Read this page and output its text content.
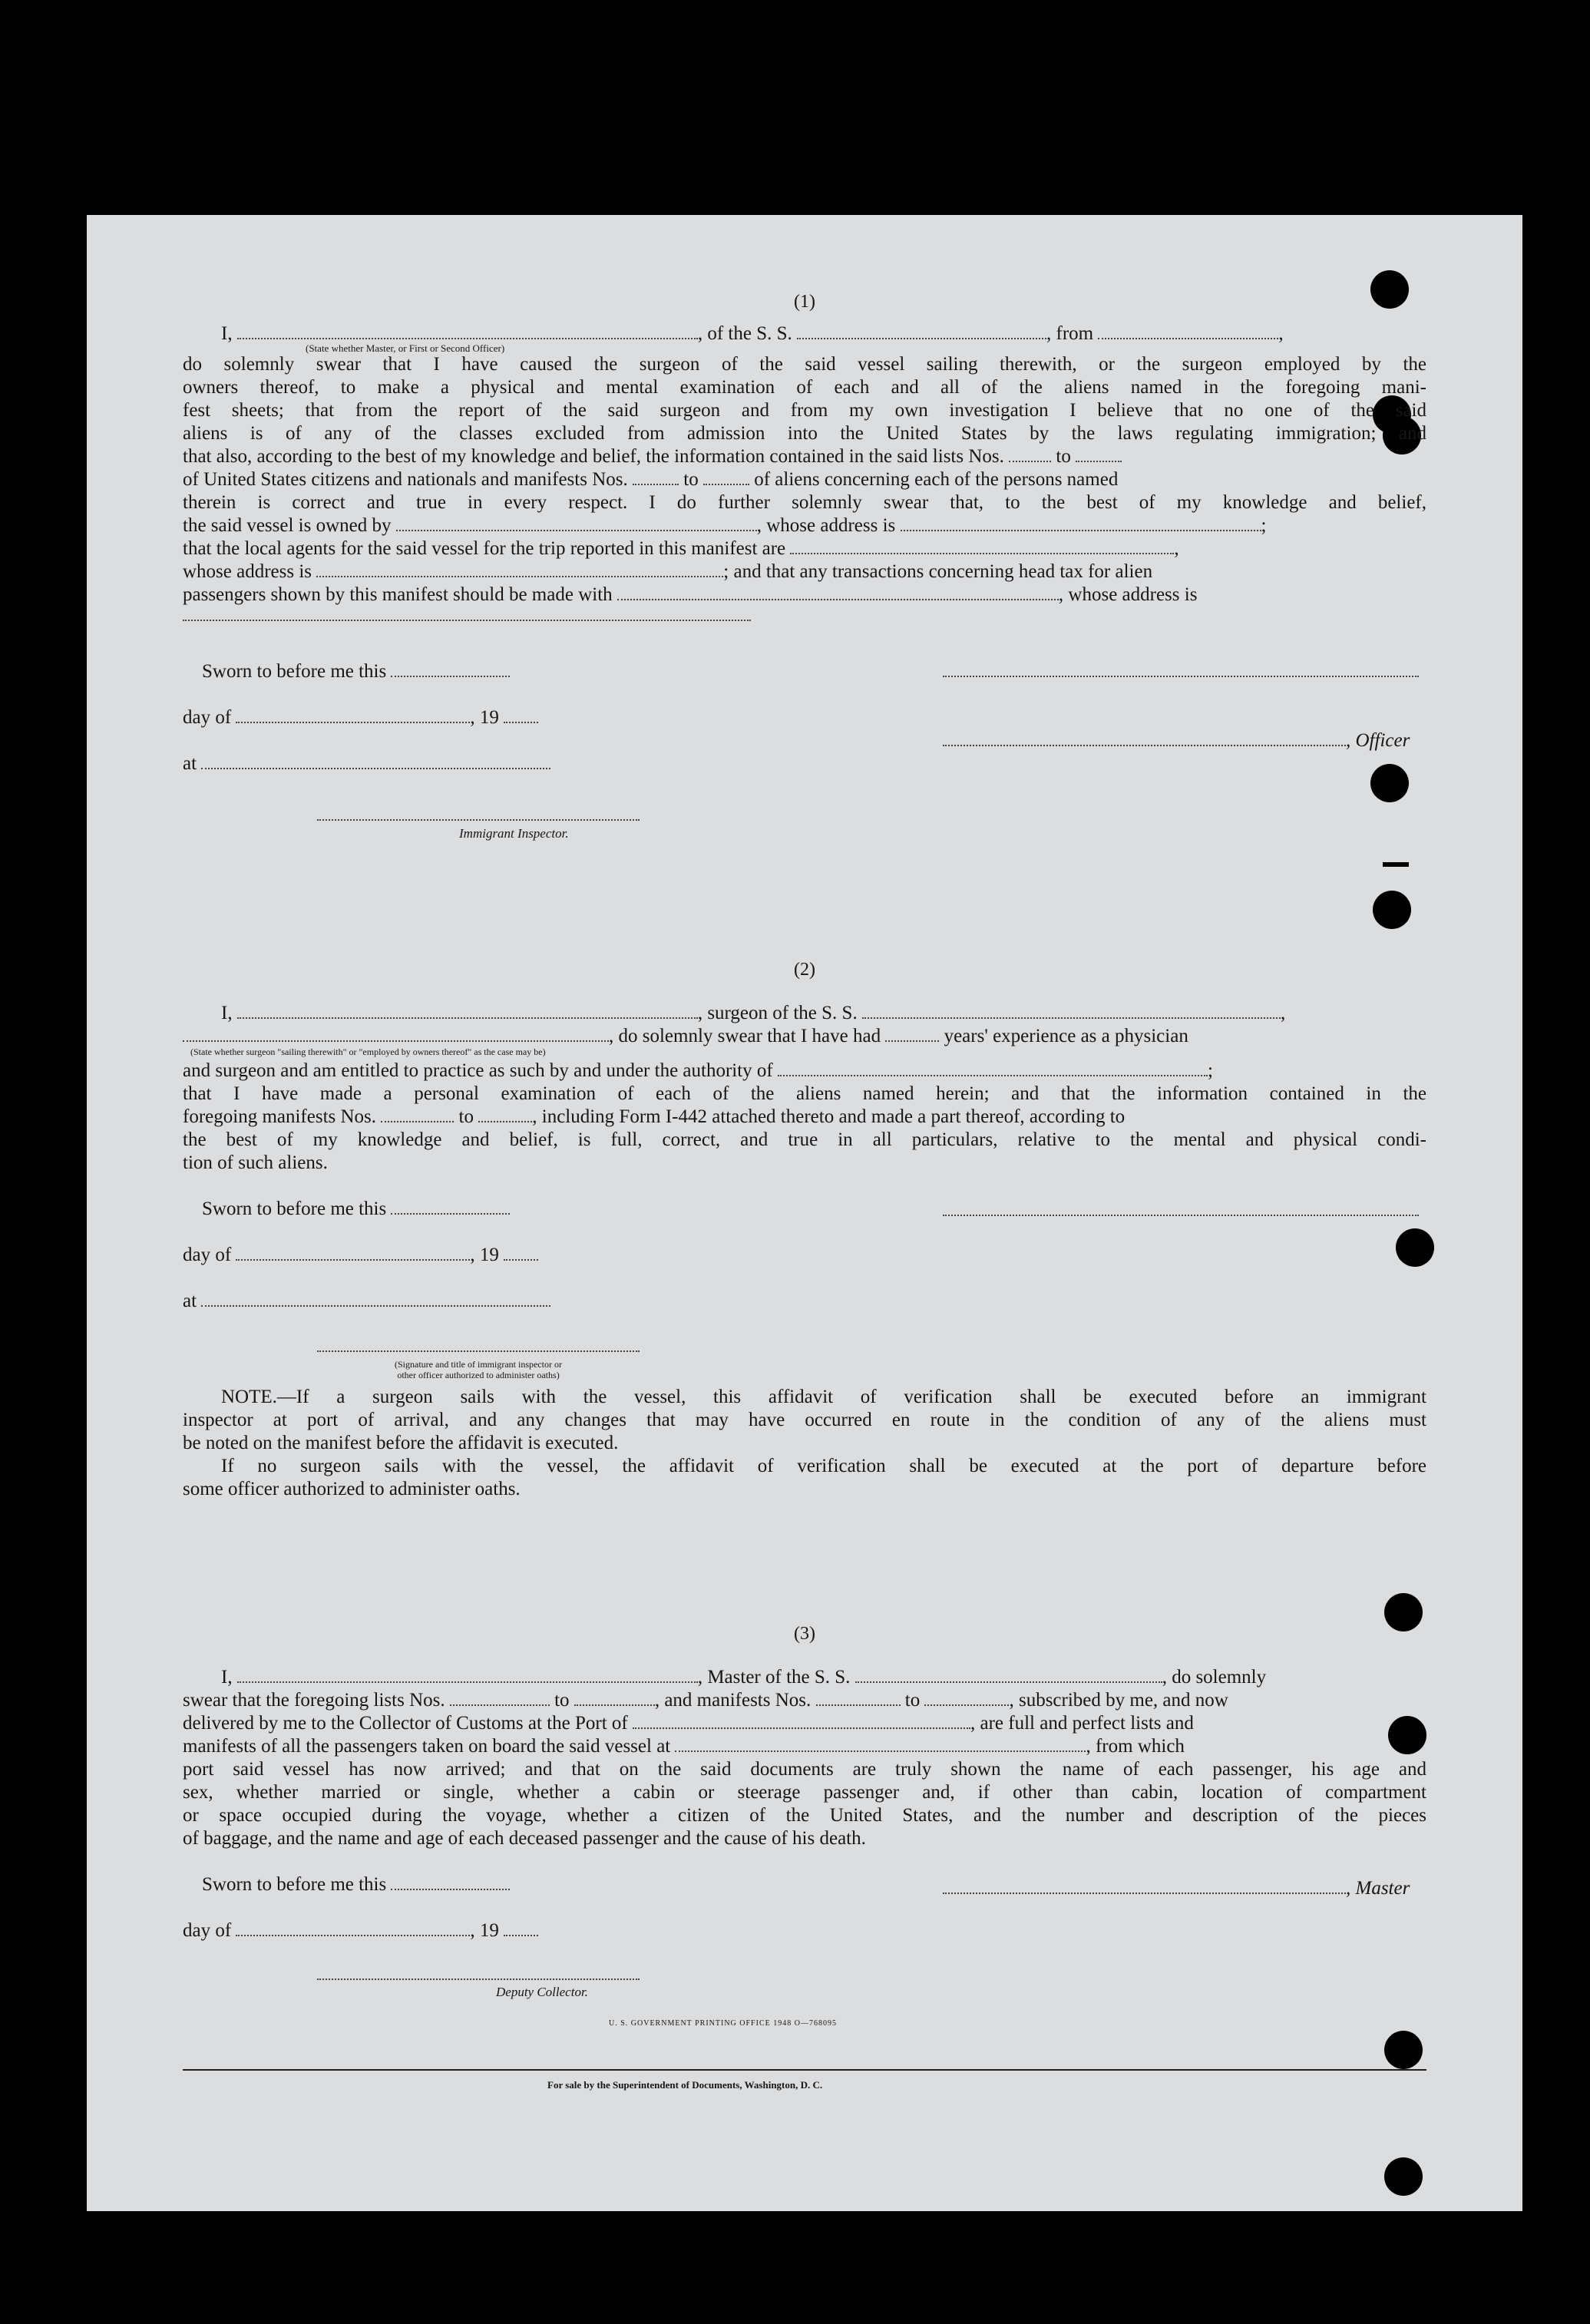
(1)
I,	, of the S. S.	, from	,
(State whether Master, or First or Second Officer)
do solemnly swear that I have caused the surgeon of the said vessel sailing therewith, or the surgeon employed by the
owners thereof, to make a physical and mental examination of each and all of the aliens named in the foregoing mani-
fest sheets; that from the report of the said surgeon and from my own investigation I believe that no one of the said
aliens is of any of the classes excluded from admission into the United States by the laws regulating immigration; and
that also, according to the best of my knowledge and belief, the information contained in the said lists Nos.	to
of United States citizens and nationals and manifests Nos.	to	of aliens concerning each of the persons named
therein is correct and true in every respect. I do further solemnly swear that, to the best of my knowledge and belief,
the said vessel is owned by	, whose address is	;
that the local agents for the said vessel for the trip reported in this manifest are	,
whose address is	; and that any transactions concerning head tax for alien
passengers shown by this manifest should be made with	, whose address is
Sworn to before me this
day of	, 19
, Officer
at
Immigrant Inspector.
(2)
I,	, surgeon of the S. S.	,
, do solemnly swear that I have had	years' experience as a physician
(State whether surgeon "sailing therewith" or "employed by owners thereof" as the case may be)
and surgeon and am entitled to practice as such by and under the authority of	;
that I have made a personal examination of each of the aliens named herein; and that the information contained in the
foregoing manifests Nos.	to	, including Form I-442 attached thereto and made a part thereof, according to
the best of my knowledge and belief, is full, correct, and true in all particulars, relative to the mental and physical condi-
tion of such aliens.
Sworn to before me this
day of	, 19
at
(Signature and title of immigrant inspector or
other officer authorized to administer oaths)
NOTE.—If a surgeon sails with the vessel, this affidavit of verification shall be executed before an immigrant
inspector at port of arrival, and any changes that may have occurred en route in the condition of any of the aliens must
be noted on the manifest before the affidavit is executed.
If no surgeon sails with the vessel, the affidavit of verification shall be executed at the port of departure before
some officer authorized to administer oaths.
(3)
I,	, Master of the S. S.	, do solemnly
swear that the foregoing lists Nos.	to	, and manifests Nos.	to	, subscribed by me, and now
delivered by me to the Collector of Customs at the Port of	, are full and perfect lists and
manifests of all the passengers taken on board the said vessel at	, from which
port said vessel has now arrived; and that on the said documents are truly shown the name of each passenger, his age and
sex, whether married or single, whether a cabin or steerage passenger and, if other than cabin, location of compartment
or space occupied during the voyage, whether a citizen of the United States, and the number and description of the pieces
of baggage, and the name and age of each deceased passenger and the cause of his death.
Sworn to before me this	, Master
day of	, 19
Deputy Collector.
U. S. GOVERNMENT PRINTING OFFICE 1948 O—768095
For sale by the Superintendent of Documents, Washington, D. C.
